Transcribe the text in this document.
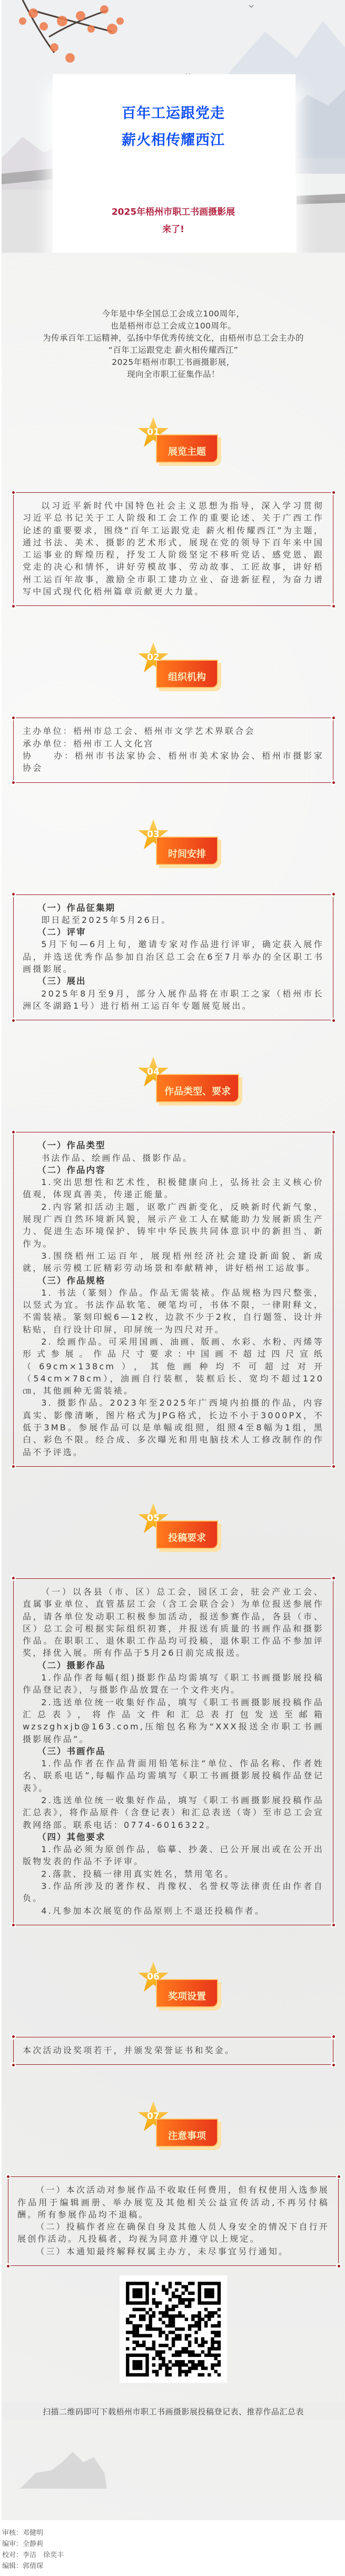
百年工运跟党走
薪火相传耀西江
2025年梧州市职工书画摄影展
来了!
今年是中华全国总工会成立100周年，
也是梧州市总工会成立100周年。
为传承百年工运精神，弘扬中华优秀传统文化，由梧州市总工会主办的
“百年工运跟党走 薪火相传耀西江”
2025年梧州市职工书画摄影展，
现向全市职工征集作品！
展览主题
01

以习近平新时代中国特色社会主义思想为指导，深入学习贯彻习近平总书记关于工人阶级和工会工作的重要论述、关于广西工作论述的重要要求，围绕“百年工运跟党走 薪火相传耀西江”为主题，通过书法、美术、摄影的艺术形式，展现在党的领导下百年来中国工运事业的辉煌历程，抒发工人阶级坚定不移听党话、感党恩、跟党走的决心和情怀，讲好劳模故事、劳动故事、工匠故事，讲好梧州工运百年故事，激励全市职工建功立业、奋进新征程，为奋力谱写中国式现代化梧州篇章贡献更大力量。

组织机构
02

主办单位：梧州市总工会、梧州市文学艺术界联合会

承办单位：梧州市工人文化宫

协　　办：梧州市书法家协会、梧州市美术家协会、梧州市摄影家协会

时间安排
03
（一）作品征集期

即日起至2025年5月26日。

（二）评审

5月下旬—6月上旬，邀请专家对作品进行评审，确定获入展作品，并选送优秀作品参加自治区总工会在6至7月举办的全区职工书画摄影展。

（三）展出

2025年8月至9月，部分入展作品将在市职工之家（梧州市长洲区冬湖路1号）进行梧州工运百年专题展览展出。

作品类型、要求
04
（一）作品类型

书法作品、绘画作品、摄影作品。

（二）作品内容

1.突出思想性和艺术性，积极健康向上，弘扬社会主义核心价值观，体现真善美，传递正能量。

2.内容紧扣活动主题，讴歌广西新变化，反映新时代新气象，展现广西自然环境新风貌，展示产业工人在赋能助力发展新质生产力、促进生态环境保护、铸牢中华民族共同体意识中的新担当、新作为。

3.围绕梧州工运百年，展现梧州经济社会建设新面貌、新成就，展示劳模工匠精彩劳动场景和奉献精神，讲好梧州工运故事。

（三）作品规格

1. 书法（篆刻）作品。作品无需装裱。作品规格为四尺整张，以竖式为宜。书法作品软笔、硬笔均可，书体不限，一律附释文，不需装裱。篆刻印蜕6—12枚，边款不少于2枚，自行题签、设计并粘贴，自行设计印屏，印屏统一为四尺对开。

2. 绘画作品。可采用国画、油画、版画、水彩、水粉、丙烯等形式参展。作品尺寸要求:中国画不超过四尺宣纸（69cm×138cm），其他画种均不可超过对开（54cm×78cm），油画自行装框，装框后长、宽均不超过120㎝，其他画种无需装裱。

3. 摄影作品。2023年至2025年广西境内拍摄的作品，内容真实、影像清晰，图片格式为JPG格式，长边不小于3000PX，不低于3MB。参展作品可以是单幅或组照，组照4至8幅为1组，黑白、彩色不限。经合成、多次曝光和用电脑技术人工修改制作的作品不予评选。

投稿要求
05

（一）以各县（市、区）总工会，园区工会，驻会产业工会、直属事业单位、直管基层工会（含工会联合会）为单位报送参展作品，请各单位发动职工积极参加活动，报送参赛作品，各县（市、区）总工会可根据实际组织初赛，并报送有质量的书画作品和摄影作品。在职职工、退休职工作品均可投稿，退休职工作品不参加评奖，择优入展。所有作品于5月26日前完成报送。

（二）摄影作品

1.作品作者每幅(组)摄影作品均需填写《职工书画摄影展投稿作品登记表》，与摄影作品放置在一个文件夹内。

2.选送单位统一收集好作品，填写《职工书画摄影展投稿作品汇总表》，将作品文件和汇总表打包发送至邮箱wzszghxjb@163.com,压缩包名称为“XXX报送全市职工书画摄影展作品”。

（三）书画作品

1.作品作者在作品背面用铅笔标注“单位、作品名称、作者姓名、联系电话”,每幅作品均需填写《职工书画摄影展投稿作品登记表》。

2.选送单位统一收集好作品，填写《职工书画摄影展投稿作品汇总表》，将作品原件（含登记表）和汇总表送（寄）至市总工会宣教网络部。联系电话：0774-6016322。

（四）其他要求

1.作品必须为原创作品，临摹、抄袭、已公开展出或在公开出版物发表的作品不予评审。

2.落款、投稿一律用真实姓名，禁用笔名。

3.作品所涉及的著作权、肖像权、名誉权等法律责任由作者自负。

4.凡参加本次展览的作品原则上不退还投稿作者。

奖项设置
06

本次活动设奖项若干，并颁发荣誉证书和奖金。

注意事项
07

（一）本次活动对参展作品不收取任何费用，但有权使用入选参展作品用于编辑画册、举办展览及其他相关公益宣传活动,不再另付稿酬。所有参展作品均不退稿。

（二）投稿作者应在确保自身及其他人员人身安全的情况下自行开展创作活动。凡投稿者，均视为同意并遵守以上规定。

（三）本通知最终解释权属主办方，未尽事宜另行通知。

扫描二维码即可下载梧州市职工书画摄影展投稿登记表、推荐作品汇总表
审核：邓健明
编审：全静莉
校对：李洁　徐奕丰
编辑：郭倩琛
